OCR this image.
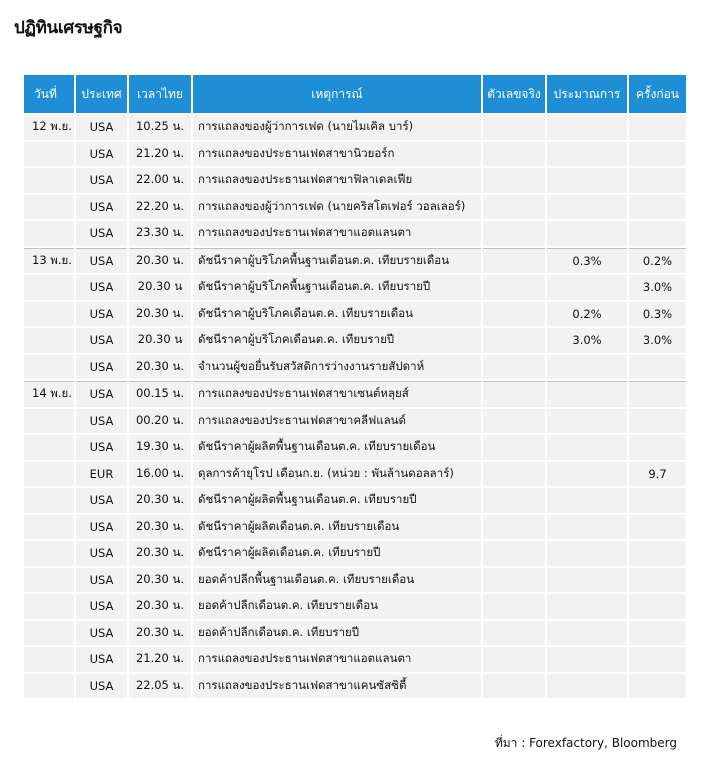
ปฏิทินเศรษฐกิจ
วันที่	ประเทศ	เวลาไทย	เหตุการณ์	ตัวเลขจริง	ประมาณการ	ครั้งก่อน
12 พ.ย.	USA	10.25 น.	การแถลงของผู้ว่าการเฟด (นายไมเคิล บาร์)			
	USA	21.20 น.	การแถลงของประธานเฟดสาขานิวยอร์ก			
	USA	22.00 น.	การแถลงของประธานเฟดสาขาฟิลาเดลเฟีย			
	USA	22.20 น.	การแถลงของผู้ว่าการเฟด (นายคริสโตเฟอร์ วอลเลอร์)			
	USA	23.30 น.	การแถลงของประธานเฟดสาขาแอตแลนตา			
13 พ.ย.	USA	20.30 น.	ดัชนีราคาผู้บริโภคพื้นฐานเดือนต.ค. เทียบรายเดือน		0.3%	0.2%
	USA	20.30 น	ดัชนีราคาผู้บริโภคพื้นฐานเดือนต.ค. เทียบรายปี			3.0%
	USA	20.30 น.	ดัชนีราคาผู้บริโภคเดือนต.ค. เทียบรายเดือน		0.2%	0.3%
	USA	20.30 น	ดัชนีราคาผู้บริโภคเดือนต.ค. เทียบรายปี		3.0%	3.0%
	USA	20.30 น.	จำนวนผู้ขอยื่นรับสวัสดิการว่างงานรายสัปดาห์			
14 พ.ย.	USA	00.15 น.	การแถลงของประธานเฟดสาขาเซนต์หลุยส์			
	USA	00.20 น.	การแถลงของประธานเฟดสาขาคลีฟแลนด์			
	USA	19.30 น.	ดัชนีราคาผู้ผลิตพื้นฐานเดือนต.ค. เทียบรายเดือน			
	EUR	16.00 น.	ดุลการค้ายุโรป เดือนก.ย. (หน่วย : พันล้านดอลลาร์)			9.7
	USA	20.30 น.	ดัชนีราคาผู้ผลิตพื้นฐานเดือนต.ค. เทียบรายปี			
	USA	20.30 น.	ดัชนีราคาผู้ผลิตเดือนต.ค. เทียบรายเดือน			
	USA	20.30 น.	ดัชนีราคาผู้ผลิตเดือนต.ค. เทียบรายปี			
	USA	20.30 น.	ยอดค้าปลีกพื้นฐานเดือนต.ค. เทียบรายเดือน			
	USA	20.30 น.	ยอดค้าปลีกเดือนต.ค. เทียบรายเดือน			
	USA	20.30 น.	ยอดค้าปลีกเดือนต.ค. เทียบรายปี			
	USA	21.20 น.	การแถลงของประธานเฟดสาขาแอตแลนตา			
	USA	22.05 น.	การแถลงของประธานเฟดสาขาแคนซัสซิตี้			
ที่มา : Forexfactory, Bloomberg
